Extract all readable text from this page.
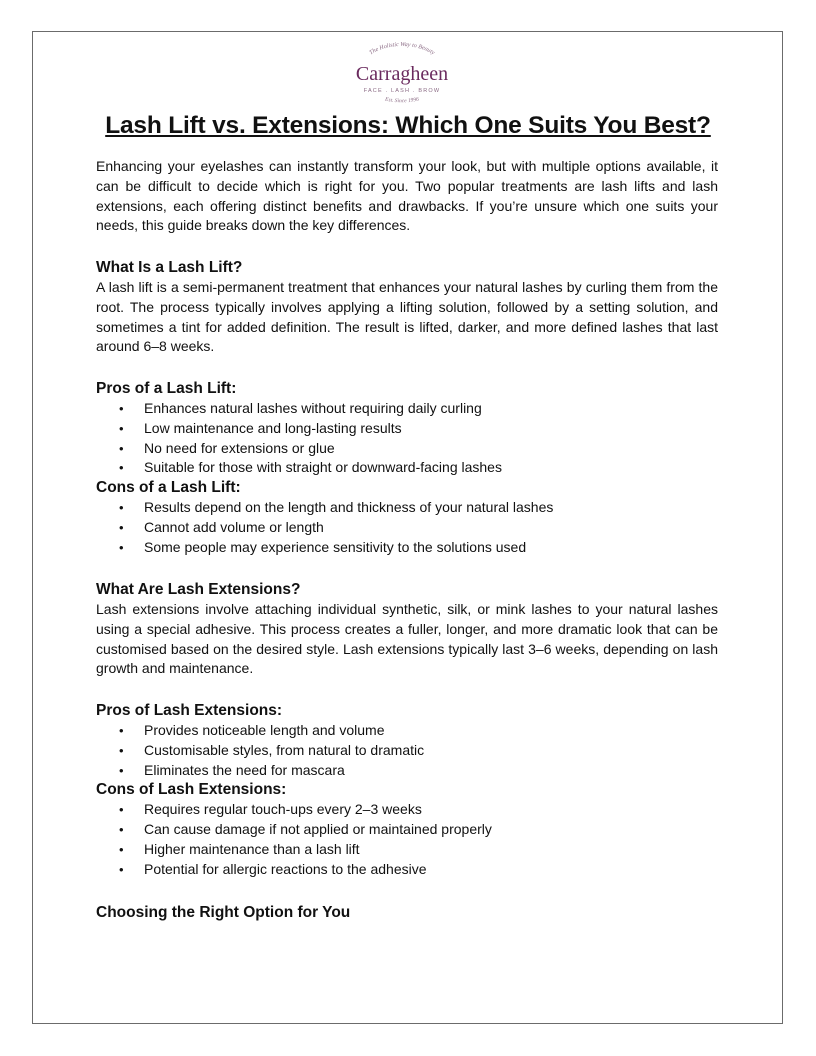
The Holistic Way to Beauty
Carragheen
FACE . LASH . BROW
Est. Since 1996
Lash Lift vs. Extensions: Which One Suits You Best?

Enhancing your eyelashes can instantly transform your look, but with multiple options available, it can be difficult to decide which is right for you. Two popular treatments are lash lifts and lash extensions, each offering distinct benefits and drawbacks. If you’re unsure which one suits your needs, this guide breaks down the key differences.

What Is a Lash Lift?

A lash lift is a semi-permanent treatment that enhances your natural lashes by curling them from the root. The process typically involves applying a lifting solution, followed by a setting solution, and sometimes a tint for added definition. The result is lifted, darker, and more defined lashes that last around 6–8 weeks.

Pros of a Lash Lift:

• Enhances natural lashes without requiring daily curling
• Low maintenance and long-lasting results
• No need for extensions or glue
• Suitable for those with straight or downward-facing lashes

Cons of a Lash Lift:

• Results depend on the length and thickness of your natural lashes
• Cannot add volume or length
• Some people may experience sensitivity to the solutions used

What Are Lash Extensions?

Lash extensions involve attaching individual synthetic, silk, or mink lashes to your natural lashes using a special adhesive. This process creates a fuller, longer, and more dramatic look that can be customised based on the desired style. Lash extensions typically last 3–6 weeks, depending on lash growth and maintenance.

Pros of Lash Extensions:

• Provides noticeable length and volume
• Customisable styles, from natural to dramatic
• Eliminates the need for mascara

Cons of Lash Extensions:

• Requires regular touch-ups every 2–3 weeks
• Can cause damage if not applied or maintained properly
• Higher maintenance than a lash lift
• Potential for allergic reactions to the adhesive

Choosing the Right Option for You
